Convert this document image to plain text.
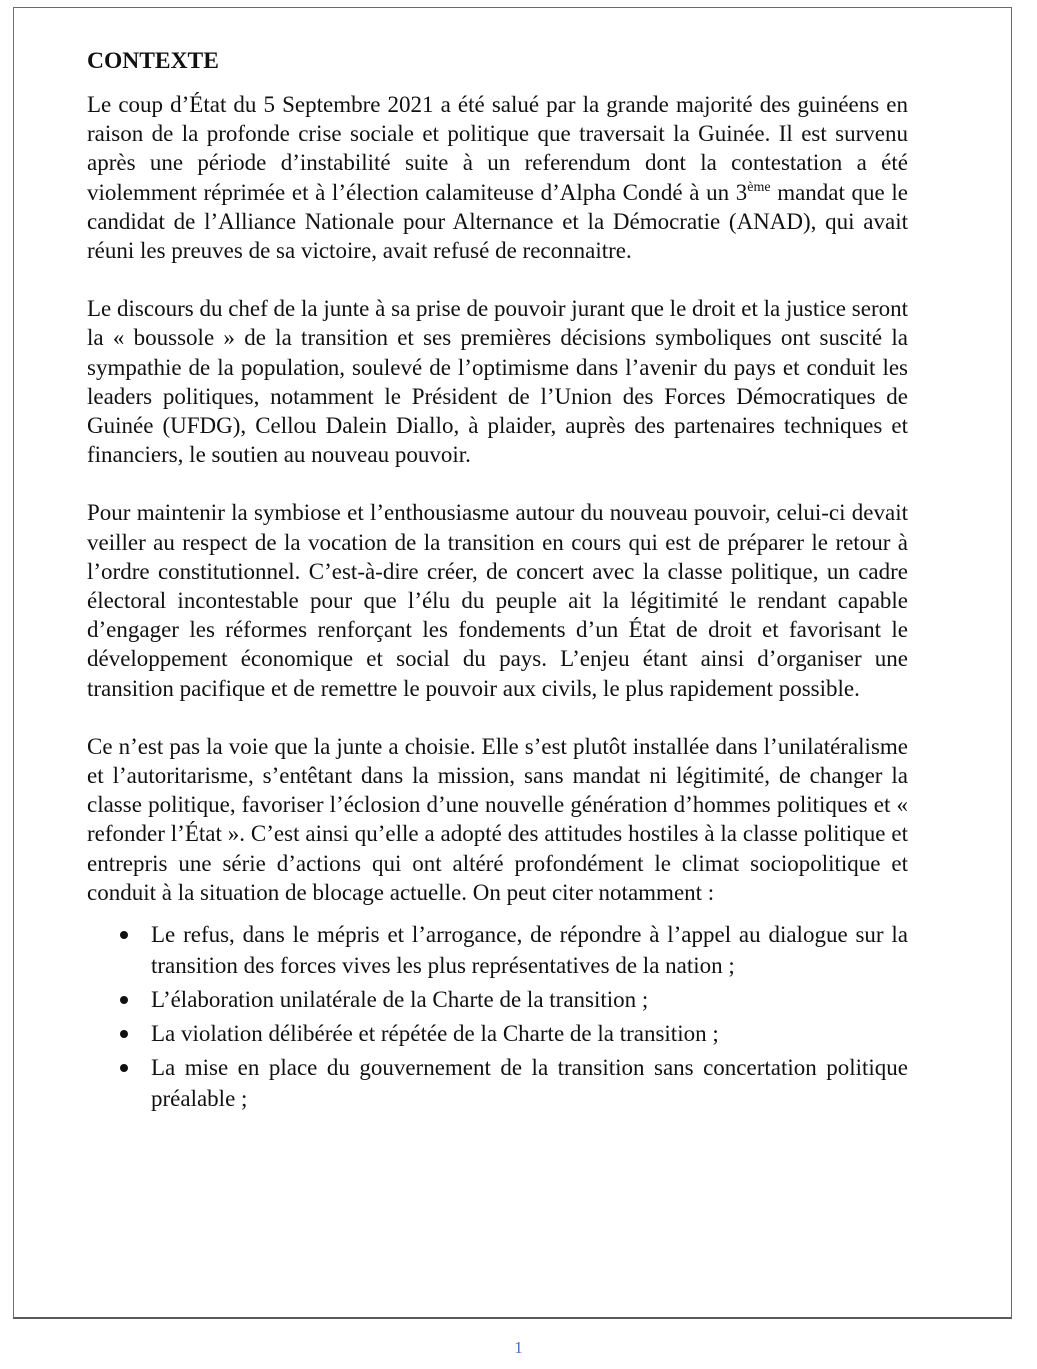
CONTEXTE

Le coup d’État du 5 Septembre 2021 a été salué par la grande majorité des guinéens en raison de la profonde crise sociale et politique que traversait la Guinée. Il est survenu après une période d’instabilité suite à un referendum dont la contestation a été violemment réprimée et à l’élection calamiteuse d’Alpha Condé à un 3ème mandat que le candidat de l’Alliance Nationale pour Alternance et la Démocratie (ANAD), qui avait réuni les preuves de sa victoire, avait refusé de reconnaitre.

Le discours du chef de la junte à sa prise de pouvoir jurant que le droit et la justice seront la « boussole » de la transition et ses premières décisions symboliques ont suscité la sympathie de la population, soulevé de l’optimisme dans l’avenir du pays et conduit les leaders politiques, notamment le Président de l’Union des Forces Démocratiques de Guinée (UFDG), Cellou Dalein Diallo, à plaider, auprès des partenaires techniques et financiers, le soutien au nouveau pouvoir.

Pour maintenir la symbiose et l’enthousiasme autour du nouveau pouvoir, celui-ci devait veiller au respect de la vocation de la transition en cours qui est de préparer le retour à l’ordre constitutionnel. C’est-à-dire créer, de concert avec la classe politique, un cadre électoral incontestable pour que l’élu du peuple ait la légitimité le rendant capable d’engager les réformes renforçant les fondements d’un État de droit et favorisant le développement économique et social du pays. L’enjeu étant ainsi d’organiser une transition pacifique et de remettre le pouvoir aux civils, le plus rapidement possible.

Ce n’est pas la voie que la junte a choisie. Elle s’est plutôt installée dans l’unilatéralisme et l’autoritarisme, s’entêtant dans la mission, sans mandat ni légitimité, de changer la classe politique, favoriser l’éclosion d’une nouvelle génération d’hommes politiques et « refonder l’État ». C’est ainsi qu’elle a adopté des attitudes hostiles à la classe politique et entrepris une série d’actions qui ont altéré profondément le climat sociopolitique et conduit à la situation de blocage actuelle. On peut citer notamment :

Le refus, dans le mépris et l’arrogance, de répondre à l’appel au dialogue sur la transition des forces vives les plus représentatives de la nation ;
L’élaboration unilatérale de la Charte de la transition ;
La violation délibérée et répétée de la Charte de la transition ;
La mise en place du gouvernement de la transition sans concertation politique préalable ;
1
